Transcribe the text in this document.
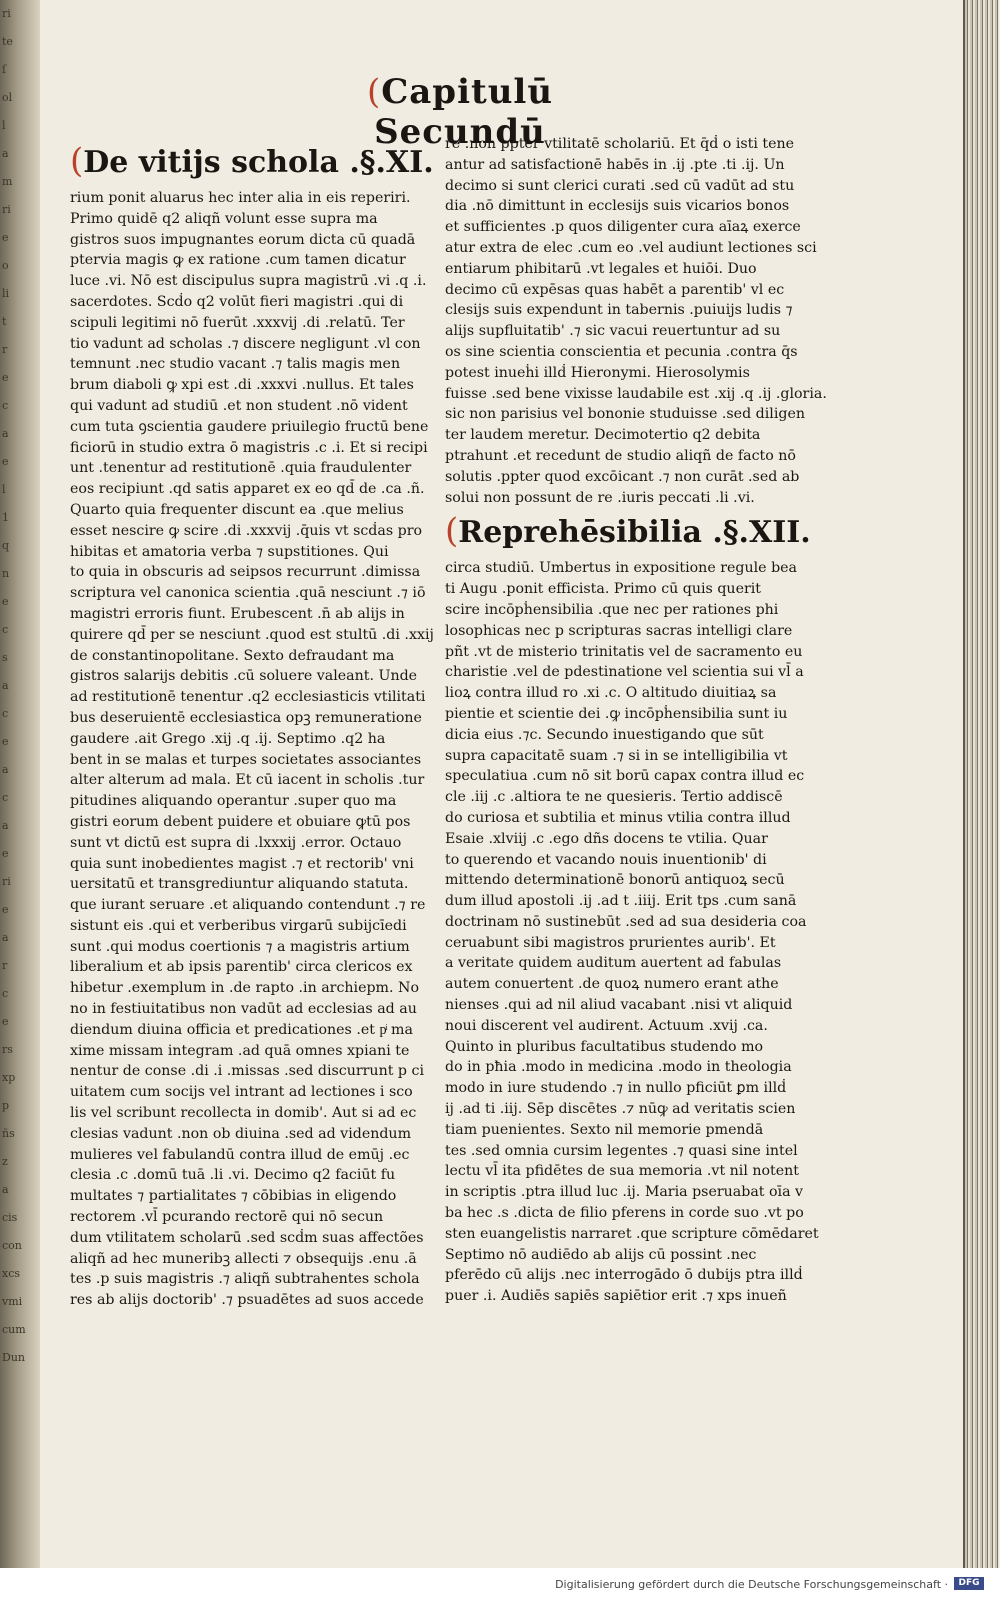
ri
te
ſ
ol
l
a
m
ri
e
o
li
t
r
e
c
a
e
l
1
q
n
e
c
s
a
c
e
a
c
a
e
ri
e
a
r
c
e
rs
xp
p
ñs
z
a
cis
con
xcs
vmi
cum
Dun
(Capitulū Secundū
(De vitijs schola .§.XI.

rium ponit aluarus hec inter alia in eis reperiri.

Primo quidē q2 aliqñ volunt esse supra ma

gistros suos impugnantes eorum dicta cū quadā

ptervia magis ꝙ ex ratione .cum tamen dicatur

luce .vi. Nō est discipulus supra magistrū .vi .q .i.

sacerdotes. Scḋo q2 volūt fieri magistri .qui di

scipuli legitimi nō fuerūt .xxxvij .di .relatū. Ter

tio vadunt ad scholas .⁊ discere negligunt .vl con

temnunt .nec studio vacant .⁊ talis magis men

brum diaboli ꝙ xpi est .di .xxxvi .nullus. Et tales

qui vadunt ad studiū .et non student .nō vident

cum tuta ꝯscientia gaudere priuilegio fructū bene

ficiorū in studio extra ō magistris .c .i. Et si recipi

unt .tenentur ad restitutionē .quia fraudulenter

eos recipiunt .qd satis apparet ex eo qd̄ de .ca .ñ.

Quarto quia frequenter discunt ea .que melius

esset nescire ꝙ scire .di .xxxvij .q̄uis vt scḋas pro

hibitas et amatoria verba ⁊ supstitiones. Qui

to quia in obscuris ad seipsos recurrunt .dimissa

scriptura vel canonica scientia .quā nesciunt .⁊ iō

magistri erroris fiunt. Erubescent .n̄ ab alijs in

quirere qd̄ per se nesciunt .quod est stultū .di .xxij

de constantinopolitane. Sexto defraudant ma

gistros salarijs debitis .cū soluere valeant. Unde

ad restitutionē tenentur .q2 ecclesiasticis vtilitati

bus deseruientē ecclesiastica opꝫ remuneratione

gaudere .ait Grego .xij .q .ij. Septimo .q2 ha

bent in se malas et turpes societates associantes

alter alterum ad mala. Et cū iacent in scholis .tur

pitudines aliquando operantur .super quo ma

gistri eorum debent puidere et obuiare ꝙtū pos

sunt vt dictū est supra di .lxxxij .error. Octauo

quia sunt inobedientes magist .⁊ et rectorib' vni

uersitatū et transgrediuntur aliquando statuta.

que iurant seruare .et aliquando contendunt .⁊ re

sistunt eis .qui et verberibus virgarū subijcīedi

sunt .qui modus coertionis ⁊ a magistris artium

liberalium et ab ipsis parentib' circa clericos ex

hibetur .exemplum in .de rapto .in archiepm. No

no in festiuitatibus non vadūt ad ecclesias ad au

diendum diuina officia et predicationes .et pͥ ma

xime missam integram .ad quā omnes xpiani te

nentur de conse .di .i .missas .sed discurrunt p ci

uitatem cum socijs vel intrant ad lectiones i sco

lis vel scribunt recollecta in domib'. Aut si ad ec

clesias vadunt .non ob diuina .sed ad videndum

mulieres vel fabulandū contra illud de emūj .ec

clesia .c .domū tuā .li .vi. Decimo q2 faciūt fu

multates ⁊ partialitates ⁊ cōbibias in eligendo

rectorem .vl̄ pcurando rectorē qui nō secun

dum vtilitatem scholarū .sed scḋm suas affectões

aliqñ ad hec muneribꝫ allecti ⁊ obsequijs .enu .ā

tes .p suis magistris .⁊ aliqñ subtrahentes schola

res ab alijs doctorib' .⁊ psuadētes ad suos accede

re .non ppter vtilitatē scholariū. Et q̄ḋ o isti tene

antur ad satisfactionē habēs in .ij .pte .ti .ij. Un

decimo si sunt clerici curati .sed cū vadūt ad stu

dia .nō dimittunt in ecclesijs suis vicarios bonos

et sufficientes .p quos diligenter cura aīaꝝ exerce

atur extra de elec .cum eo .vel audiunt lectiones sci

entiarum phibitarū .vt legales et huiōi. Duo

decimo cū expēsas quas habēt a parentib' vl ec

clesijs suis expendunt in tabernis .puiuijs ludis ⁊

alijs supfluitatib' .⁊ sic vacui reuertuntur ad su

os sine scientia conscientia et pecunia .contra q̄s

potest inueḣi illḋ Hieronymi. Hierosolymis

fuisse .sed bene vixisse laudabile est .xij .q .ij .gloria.

sic non parisius vel bononie studuisse .sed diligen

ter laudem meretur. Decimotertio q2 debita

ptrahunt .et recedunt de studio aliqñ de facto nō

solutis .ppter quod excōicant .⁊ non curāt .sed ab

solui non possunt de re .iuris peccati .li .vi.

(Reprehēsibilia .§.XII.

circa studiū. Umbertus in expositione regule bea

ti Augu .ponit efficista. Primo cū quis querit

scire incōpḣensibilia .que nec per rationes phi

losophicas nec p scripturas sacras intelligi clare

pñt .vt de misterio trinitatis vel de sacramento eu

charistie .vel de pdestinatione vel scientia sui vl̄ a

lioꝝ contra illud ro .xi .c. O altitudo diuitiaꝝ sa

pientie et scientie dei .ꝙ incōpḣensibilia sunt iu

dicia eius .⁊c. Secundo inuestigando que sūt

supra capacitatē suam .⁊ si in se intelligibilia vt

speculatiua .cum nō sit borū capax contra illud ec

cle .iij .c .altiora te ne quesieris. Tertio addiscē

do curiosa et subtilia et minus vtilia contra illud

Esaie .xlviij .c .ego dñs docens te vtilia. Quar

to querendo et vacando nouis inuentionib' di

mittendo determinationē bonorū antiquoꝝ secū

dum illud apostoli .ij .ad t .iiij. Erit tps .cum sanā

doctrinam nō sustinebūt .sed ad sua desideria coa

ceruabunt sibi magistros prurientes aurib'. Et

a veritate quidem auditum auertent ad fabulas

autem conuertent .de quoꝝ numero erant athe

nienses .qui ad nil aliud vacabant .nisi vt aliquid

noui discerent vel audirent. Actuum .xvij .ca.

Quinto in pluribus facultatibus studendo mo

do in pħia .modo in medicina .modo in theologia

modo in iure studendo .⁊ in nullo pficiūt ꝑm illḋ

ij .ad ti .iij. Sēp discētes .⁊ nūꝙ ad veritatis scien

tiam puenientes. Sexto nil memorie pmendā

tes .sed omnia cursim legentes .⁊ quasi sine intel

lectu vl̄ ita pfidētes de sua memoria .vt nil notent

in scriptis .ptra illud luc .ij. Maria pseruabat oīa v

ba hec .s .dicta de filio pferens in corde suo .vt po

sten euangelistis narraret .que scripture cōmēdaret

Septimo nō audiēdo ab alijs cū possint .nec

pferēdo cū alijs .nec interrogādo ō dubijs ptra illḋ

puer .i. Audiēs sapiēs sapiētior erit .⁊ xps inueñ

Digitalisierung gefördert durch die Deutsche Forschungsgemeinschaft ·	DFG
